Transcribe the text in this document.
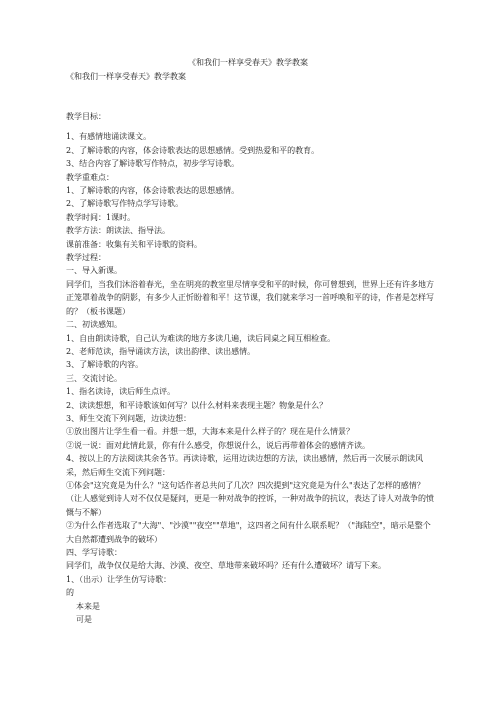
《和我们一样享受春天》教学教案
《和我们一样享受春天》教学教案

教学目标：

1、有感情地诵读课文。

2、了解诗歌的内容，体会诗歌表达的思想感情。受到热爱和平的教育。

3、结合内容了解诗歌写作特点，初步学写诗歌。

教学重难点：

1、了解诗歌的内容，体会诗歌表达的思想感情。

2、了解诗歌写作特点学写诗歌。

教学时间：1课时。

教学方法：朗读法、指导法。

课前准备：收集有关和平诗歌的资料。

教学过程：

一、导入新课。

同学们，当我们沐浴着春光，坐在明亮的教室里尽情享受和平的时候，你可曾想到，世界上还有许多地方正笼罩着战争的阴影，有多少人正忻盼着和平！这节课，我们就来学习一首呼唤和平的诗，作者是怎样写的？（板书课题）

二、初读感知。

1、自由朗读诗歌，自己认为难读的地方多读几遍，读后同桌之间互相检查。

2、老师范读，指导诵读方法，读出韵律、读出感情。

3、了解诗歌的内容。

三、交流讨论。

1、指名读诗，读后师生点评。

2、读读想想，和平诗歌该如何写？以什么材料来表现主题？物象是什么？

3、师生交流下列问题，边读边想：

①放出图片让学生看一看。并想一想，大海本来是什么样子的？现在是什么情景？

②说一说：面对此情此景，你有什么感受，你想说什么，说后再带着体会的感情齐读。

4、按以上的方法阅读其余各节。再读诗歌，运用边读边想的方法，读出感情，然后再一次展示朗读风采，然后师生交流下列问题：

①体会"这究竟是为什么？"这句话作者总共问了几次？四次提到"这究竟是为什么"表达了怎样的感情？

（让人感觉到诗人对不仅仅是疑问，更是一种对战争的控诉，一种对战争的抗议，表达了诗人对战争的愤慨与不解）

②为什么作者选取了"大海"、"沙漠""夜空""草地"，这四者之间有什么联系呢？（"海陆空"，暗示是整个大自然都遭到战争的破坏）

四、学写诗歌：

同学们，战争仅仅是给大海、沙漠、夜空、草地带来破坏吗？还有什么遭破坏？请写下来。

1、（出示）让学生仿写诗歌：

的

本来是

可是
